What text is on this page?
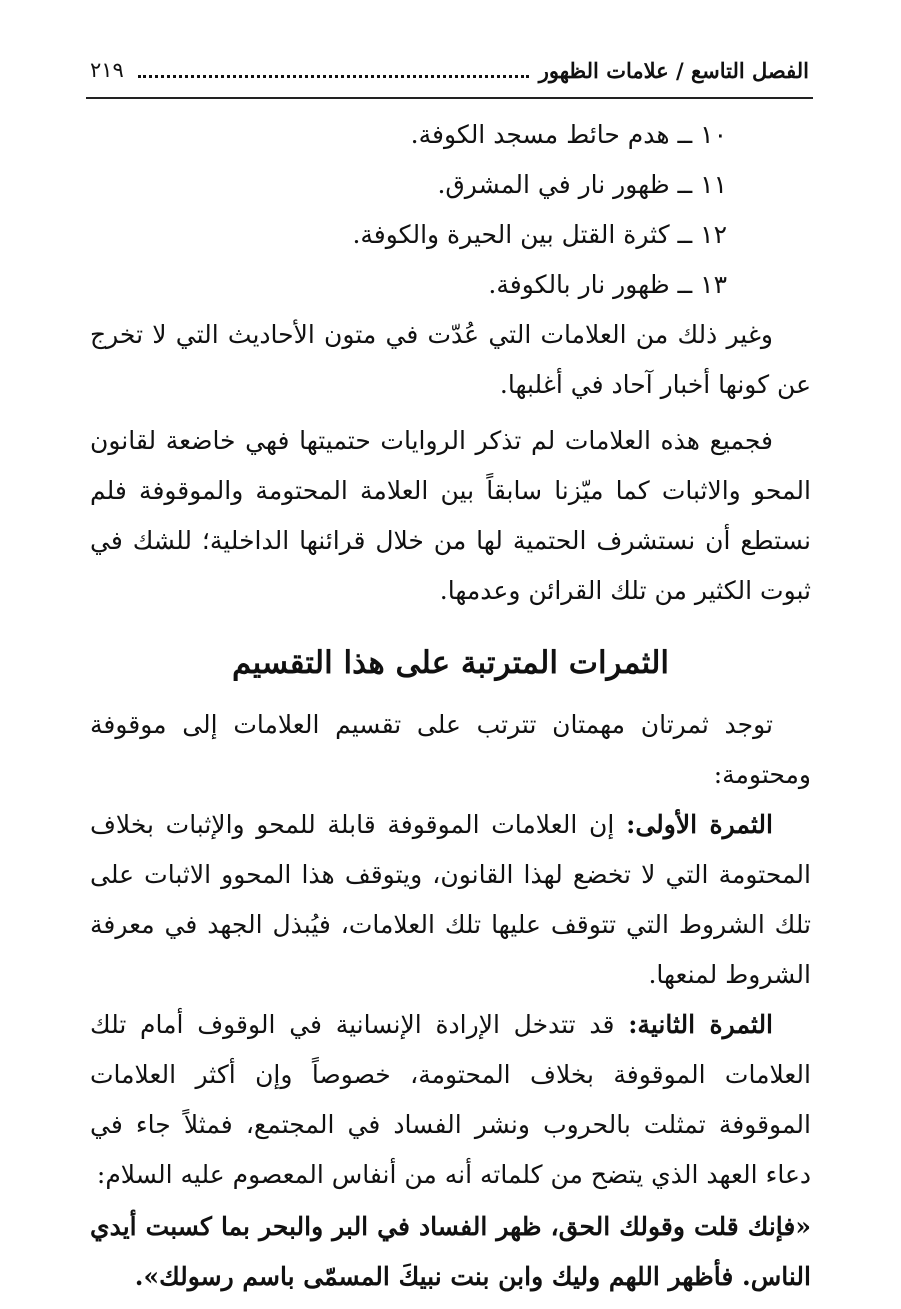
الفصل التاسع / علامات الظهور
٢١٩

١٠ ــ هدم حائط مسجد الكوفة.

١١ ــ ظهور نار في المشرق.

١٢ ــ كثرة القتل بين الحيرة والكوفة.

١٣ ــ ظهور نار بالكوفة.

وغير ذلك من العلامات التي عُدّت في متون الأحاديث التي لا تخرج عن كونها أخبار آحاد في أغلبها.

فجميع هذه العلامات لم تذكر الروايات حتميتها فهي خاضعة لقانون المحو والاثبات كما ميّزنا سابقاً بين العلامة المحتومة والموقوفة فلم نستطع أن نستشرف الحتمية لها من خلال قرائنها الداخلية؛ للشك في ثبوت الكثير من تلك القرائن وعدمها.

الثمرات المترتبة على هذا التقسيم

توجد ثمرتان مهمتان تترتب على تقسيم العلامات إلى موقوفة ومحتومة:

الثمرة الأولى: إن العلامات الموقوفة قابلة للمحو والإثبات بخلاف المحتومة التي لا تخضع لهذا القانون، ويتوقف هذا المحوو الاثبات على تلك الشروط التي تتوقف عليها تلك العلامات، فيُبذل الجهد في معرفة الشروط لمنعها.

الثمرة الثانية: قد تتدخل الإرادة الإنسانية في الوقوف أمام تلك العلامات الموقوفة بخلاف المحتومة، خصوصاً وإن أكثر العلامات الموقوفة تمثلت بالحروب ونشر الفساد في المجتمع، فمثلاً جاء في دعاء العهد الذي يتضح من كلماته أنه من أنفاس المعصوم عليه السلام:

«فإنك قلت وقولك الحق، ظهر الفساد في البر والبحر بما كسبت أيدي الناس. فأظهر اللهم وليك وابن بنت نبيكَ المسمّى باسم رسولك».
